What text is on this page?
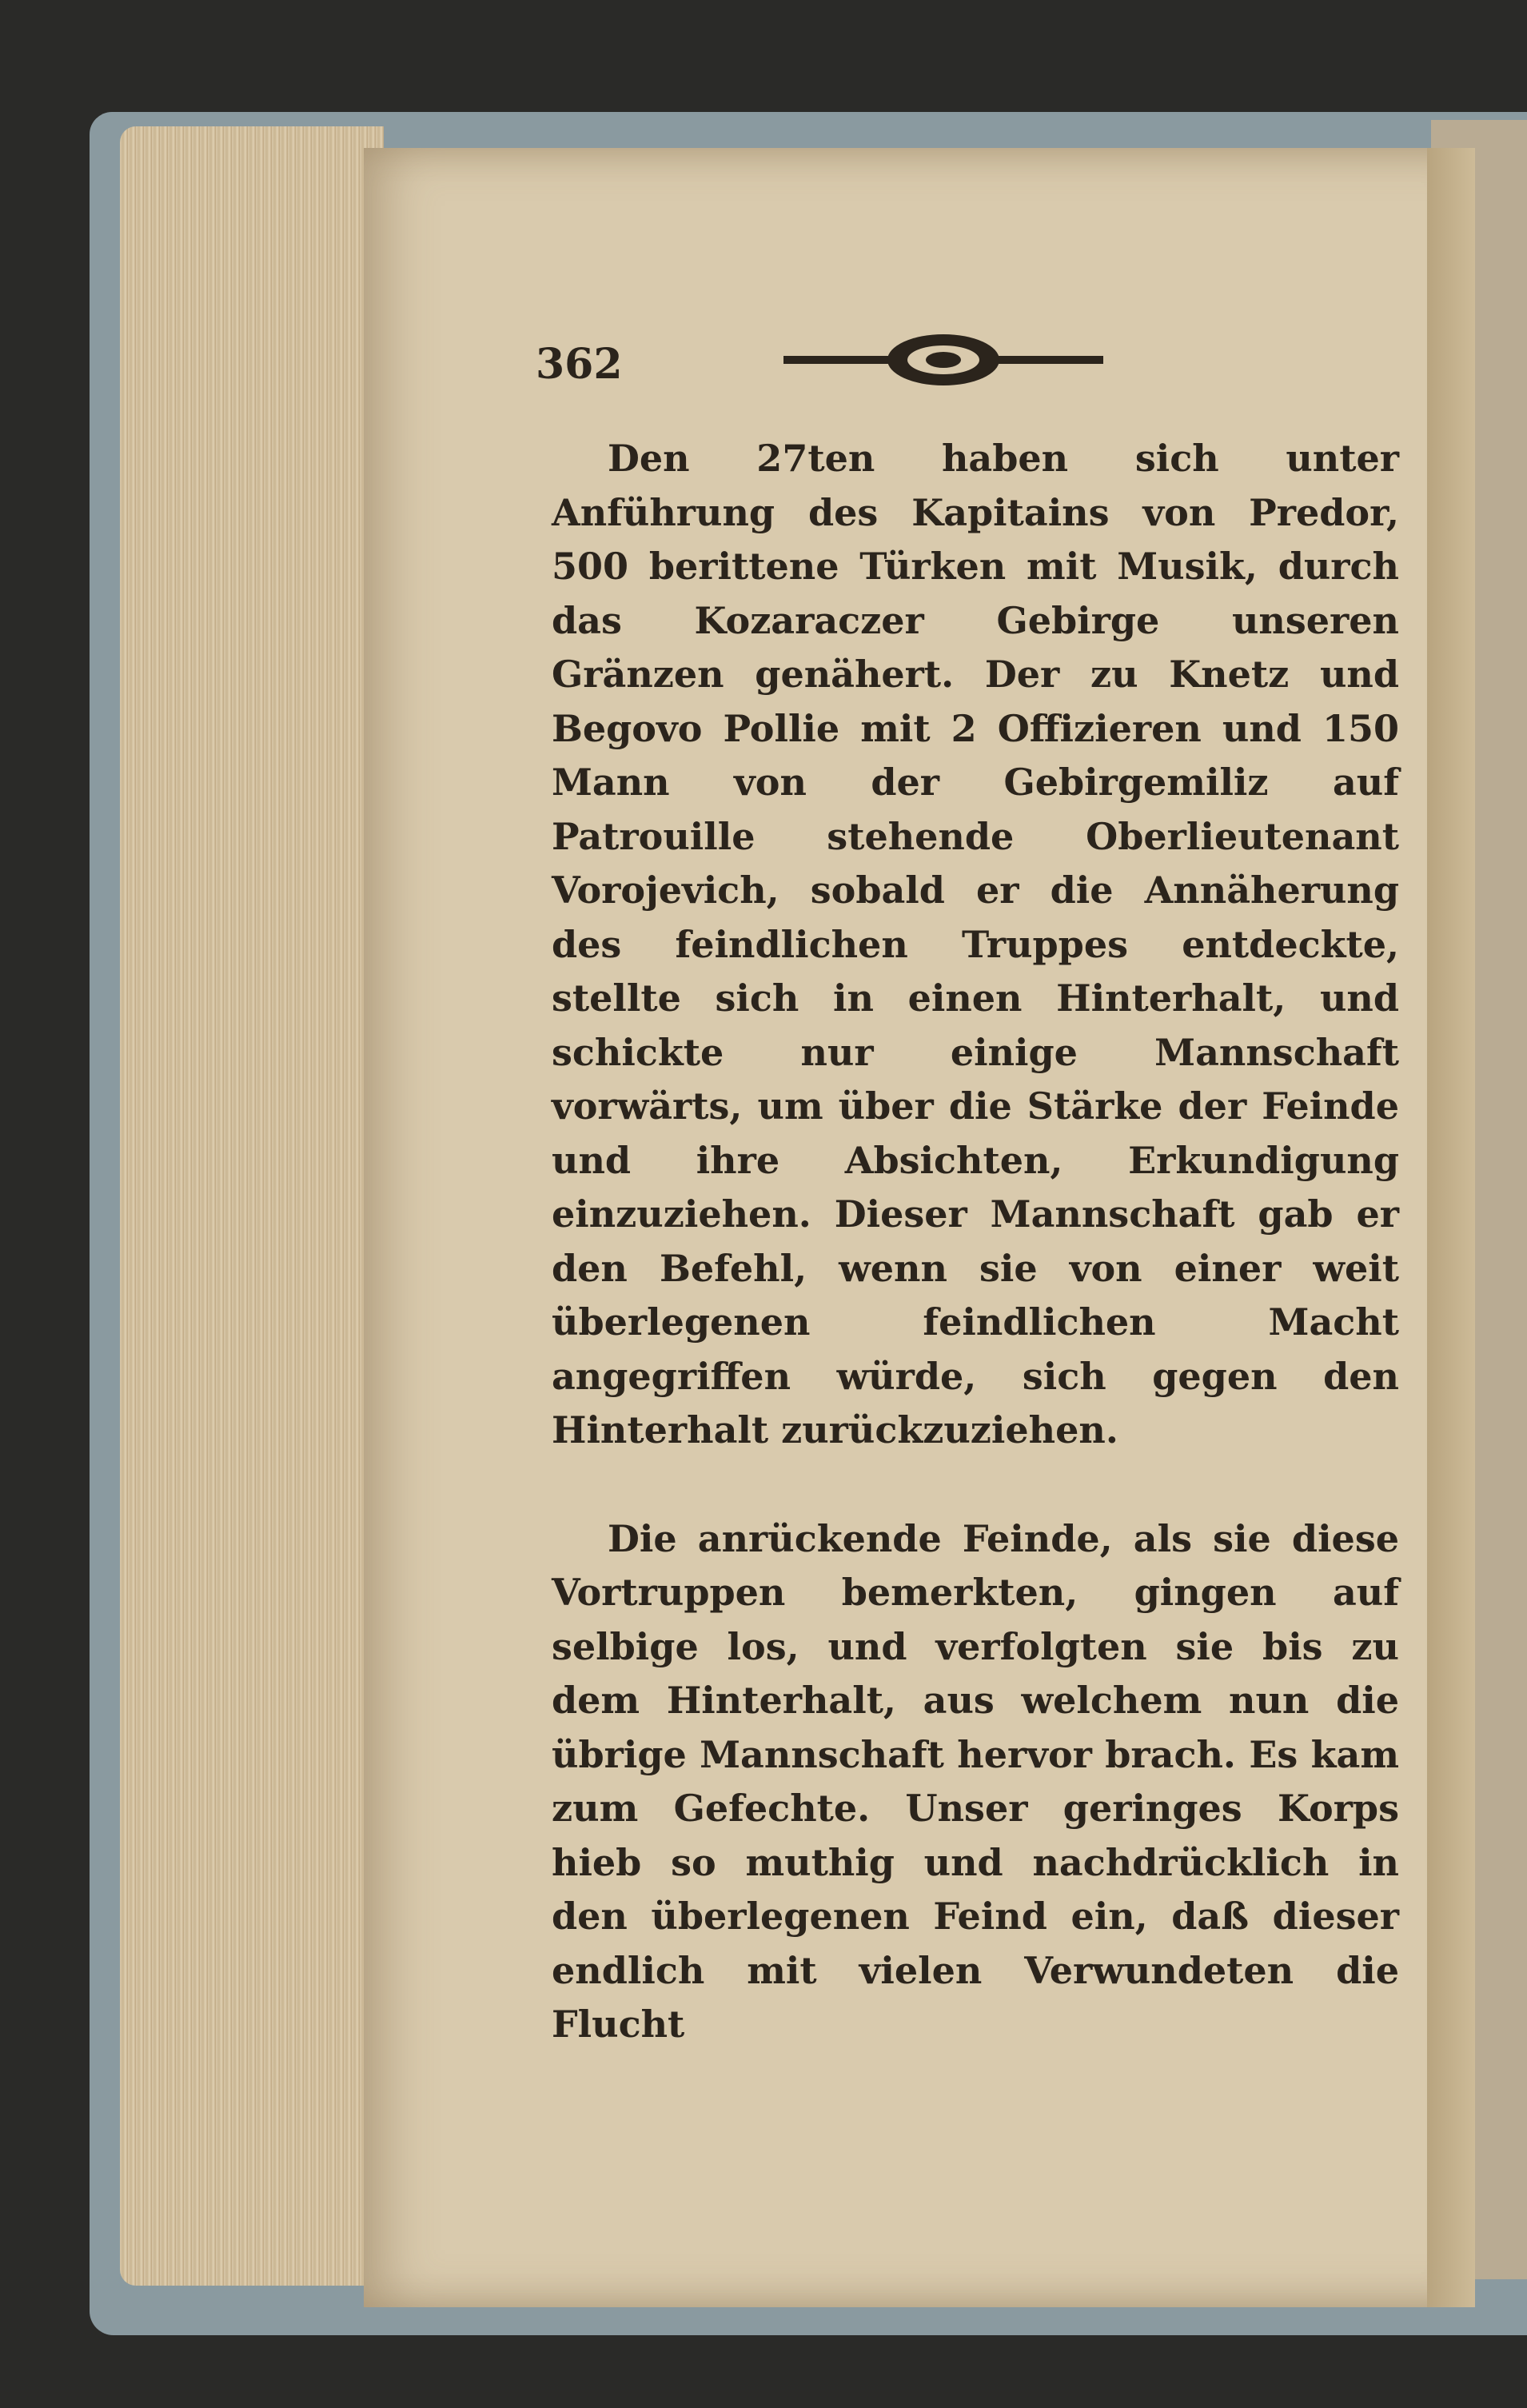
362

Den 27ten haben sich unter Anführung des Kapitains von Predor, 500 berittene Türken mit Musik, durch das Kozaraczer Gebirge unseren Gränzen genähert. Der zu Knetz und Begovo Pollie mit 2 Offizieren und 150 Mann von der Gebirgemiliz auf Patrouille stehende Oberlieutenant Vorojevich, sobald er die Annäherung des feindlichen Truppes entdeckte, stellte sich in einen Hinterhalt, und schickte nur einige Mannschaft vorwärts, um über die Stärke der Feinde und ihre Absichten, Erkundigung einzuziehen. Dieser Mannschaft gab er den Befehl, wenn sie von einer weit überlegenen feindlichen Macht angegriffen würde, sich gegen den Hinterhalt zurückzuziehen.

Die anrückende Feinde, als sie diese Vortruppen bemerkten, gingen auf selbige los, und verfolgten sie bis zu dem Hinterhalt, aus welchem nun die übrige Mannschaft hervor brach. Es kam zum Gefechte. Unser geringes Korps hieb so muthig und nachdrücklich in den überlegenen Feind ein, daß dieser endlich mit vielen Verwundeten die Flucht
